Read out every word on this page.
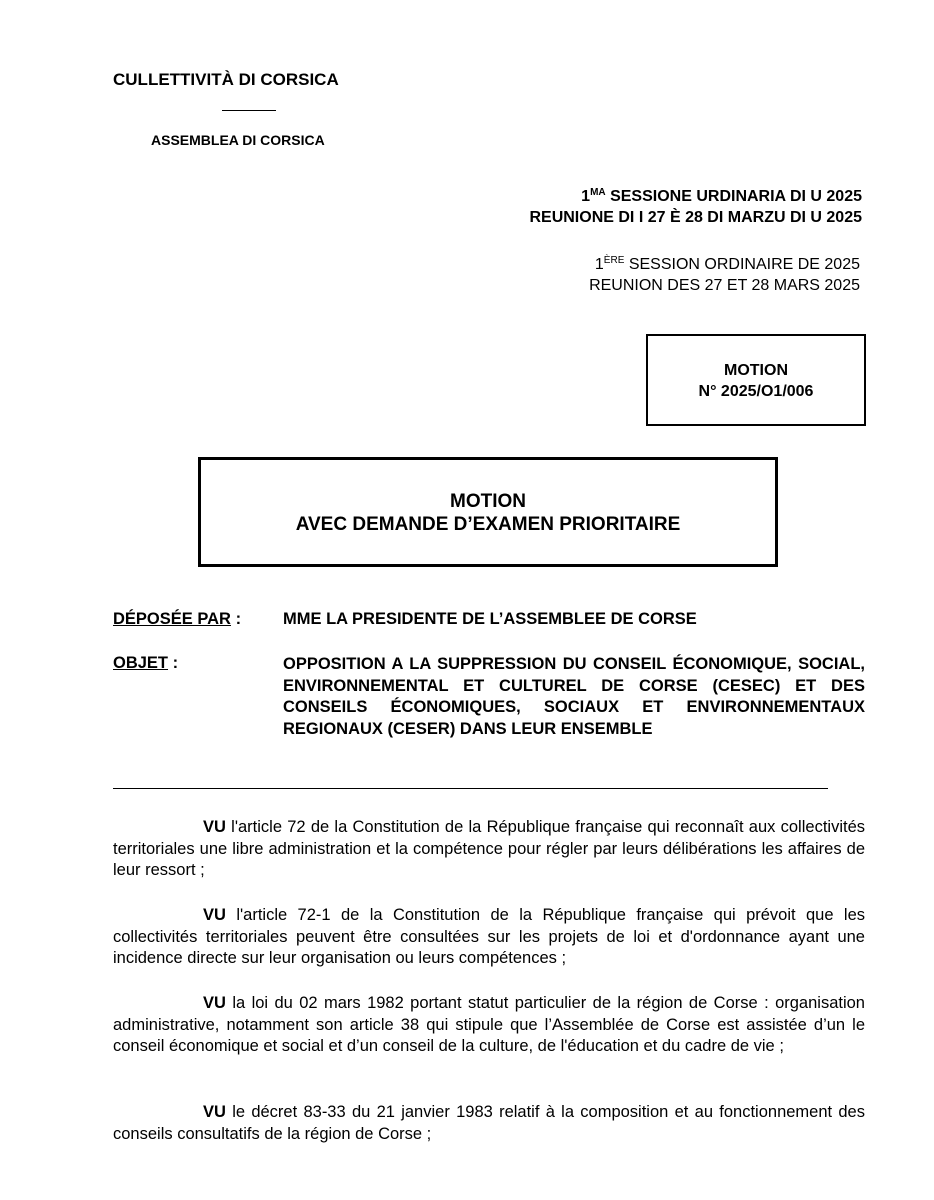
CULLETTIVITÀ DI CORSICA
ASSEMBLEA DI CORSICA
$1^{MA}$ SESSIONE URDINARIA DI U 2025
REUNIONE DI I 27 È 28 DI MARZU DI U 2025
1ÈRE SESSION ORDINAIRE DE 2025
REUNION DES 27 ET 28 MARS 2025
MOTION
N° 2025/O1/006
MOTION
AVEC DEMANDE D’EXAMEN PRIORITAIRE
DÉPOSÉE PAR :	MME LA PRESIDENTE DE L’ASSEMBLEE DE CORSE
OBJET :	OPPOSITION A LA SUPPRESSION DU CONSEIL ÉCONOMIQUE, SOCIAL, ENVIRONNEMENTAL ET CULTUREL DE CORSE (CESEC) ET DES CONSEILS ÉCONOMIQUES, SOCIAUX ET ENVIRONNEMENTAUX REGIONAUX (CESER) DANS LEUR ENSEMBLE
VU l'article 72 de la Constitution de la République française qui reconnaît aux collectivités territoriales une libre administration et la compétence pour régler par leurs délibérations les affaires de leur ressort ;
VU l'article 72-1 de la Constitution de la République française qui prévoit que les collectivités territoriales peuvent être consultées sur les projets de loi et d'ordonnance ayant une incidence directe sur leur organisation ou leurs compétences ;
VU la loi du 02 mars 1982 portant statut particulier de la région de Corse : organisation administrative, notamment son article 38 qui stipule que l’Assemblée de Corse est assistée d’un le conseil économique et social et d’un conseil de la culture, de l'éducation et du cadre de vie ;
VU le décret 83-33 du 21 janvier 1983 relatif à la composition et au fonctionnement des conseils consultatifs de la région de Corse ;
